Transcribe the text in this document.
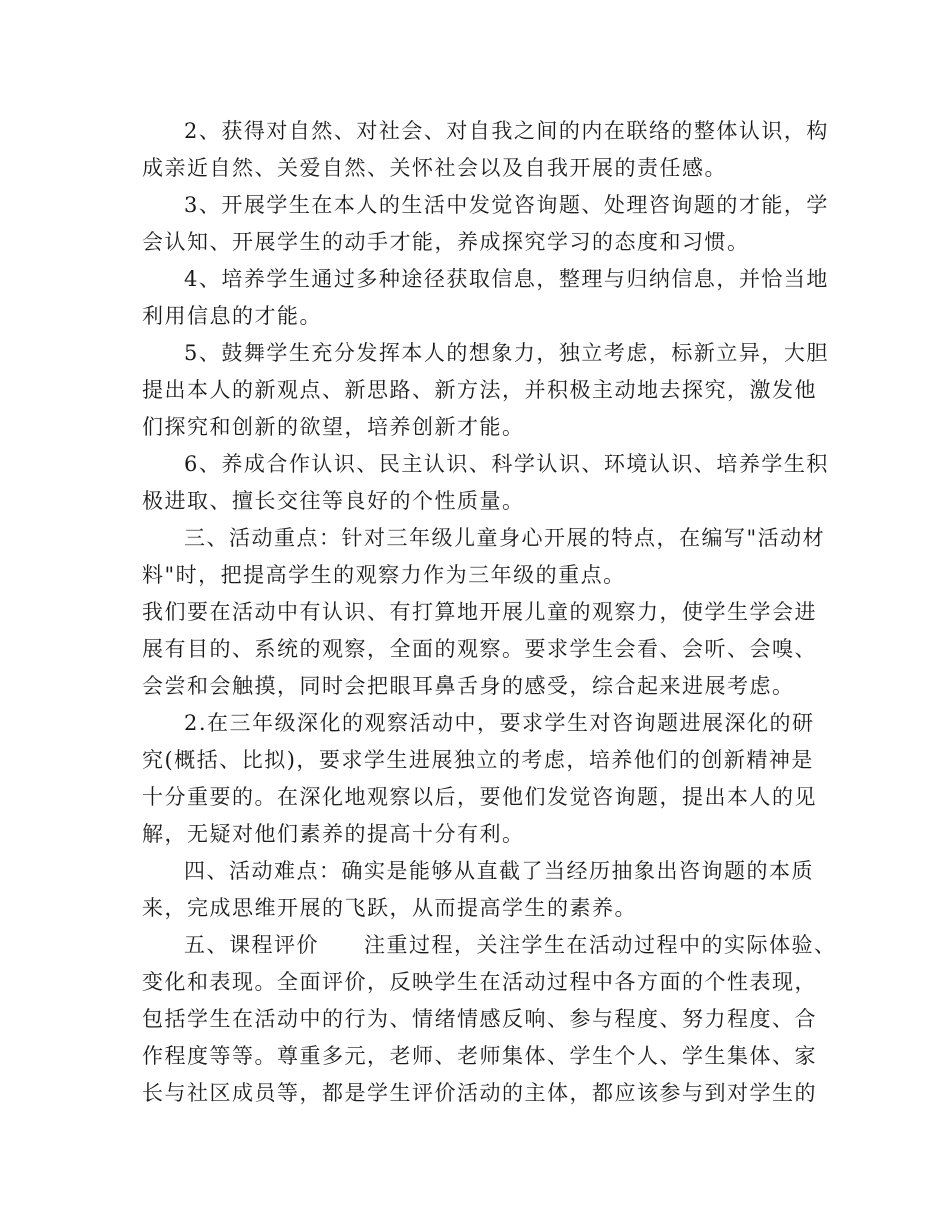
2、获得对自然、对社会、对自我之间的内在联络的整体认识，构
成亲近自然、关爱自然、关怀社会以及自我开展的责任感。
3、开展学生在本人的生活中发觉咨询题、处理咨询题的才能，学
会认知、开展学生的动手才能，养成探究学习的态度和习惯。
4、培养学生通过多种途径获取信息，整理与归纳信息，并恰当地
利用信息的才能。
5、鼓舞学生充分发挥本人的想象力，独立考虑，标新立异，大胆
提出本人的新观点、新思路、新方法，并积极主动地去探究，激发他
们探究和创新的欲望，培养创新才能。
6、养成合作认识、民主认识、科学认识、环境认识、培养学生积
极进取、擅长交往等良好的个性质量。
三、活动重点：针对三年级儿童身心开展的特点，在编写"活动材
料"时，把提高学生的观察力作为三年级的重点。
我们要在活动中有认识、有打算地开展儿童的观察力，使学生学会进
展有目的、系统的观察，全面的观察。要求学生会看、会听、会嗅、
会尝和会触摸，同时会把眼耳鼻舌身的感受，综合起来进展考虑。
2.在三年级深化的观察活动中，要求学生对咨询题进展深化的研
究(概括、比拟)，要求学生进展独立的考虑，培养他们的创新精神是
十分重要的。在深化地观察以后，要他们发觉咨询题，提出本人的见
解，无疑对他们素养的提高十分有利。
四、活动难点：确实是能够从直截了当经历抽象出咨询题的本质
来，完成思维开展的飞跃，从而提高学生的素养。
五、课程评价　　注重过程，关注学生在活动过程中的实际体验、
变化和表现。全面评价，反映学生在活动过程中各方面的个性表现，
包括学生在活动中的行为、情绪情感反响、参与程度、努力程度、合
作程度等等。尊重多元，老师、老师集体、学生个人、学生集体、家
长与社区成员等，都是学生评价活动的主体，都应该参与到对学生的
